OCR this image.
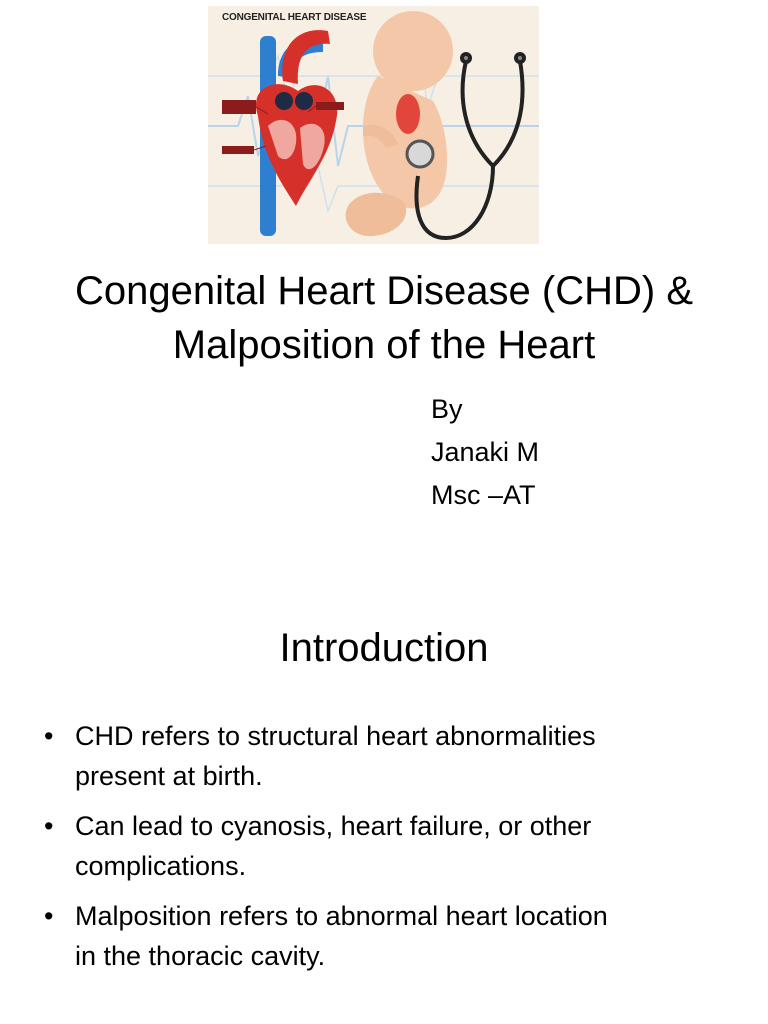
CONGENITAL HEART DISEASE
Congenital Heart Disease (CHD) &
Malposition of the Heart
By
Janaki M
Msc –AT
Introduction
• CHD refers to structural heart abnormalities
present at birth.
• Can lead to cyanosis, heart failure, or other
complications.
• Malposition refers to abnormal heart location
in the thoracic cavity.
